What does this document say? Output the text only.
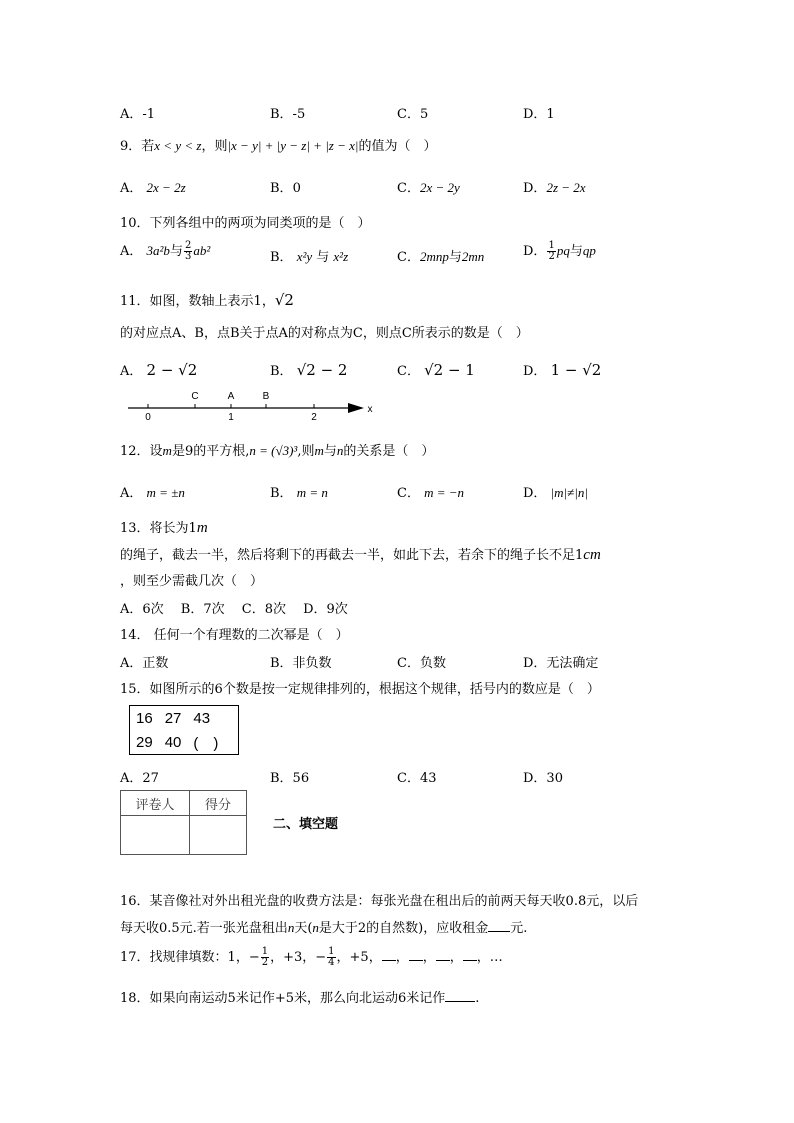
A．-1	B．-5	C．5	D．1
9．若x < y < z，则|x − y| + |y − z| + |z − x|的值为（　）
A． 2x − 2z	B．0	C．2x − 2y	D．2z − 2x
10．下列各组中的两项为同类项的是（　）
A． 3a²b与 $\frac{2}{3} ab^2$	B． x²y 与 x²z	C．2mnp与2mn	D． $\frac{1}{2}$ pq与qp
11．如图，数轴上表示1，√2
的对应点A、B，点B关于点A的对称点为C，则点C所表示的数是（　）
A． 2 − √2	B． √2 − 2	C． √2 − 1	D． 1 − √2
C	A	B
0	1	2
x
12．设m是9的平方根,n = (√3)³,则m与n的关系是（　）
A． m = ±n	B． m = n	C． m = −n	D． |m|≠|n|
13．将长为1m
的绳子，截去一半，然后将剩下的再截去一半，如此下去，若余下的绳子长不足1cm
，则至少需截几次（　）
A．6次　 B．7次　 C．8次　 D．9次
14． 任何一个有理数的二次幂是（　）
A．正数	B．非负数	C．负数	D．无法确定
15．如图所示的6个数是按一定规律排列的，根据这个规律，括号内的数应是（　）
16	27	43
29	40	(　)
A．27	B．56	C．43	D．30
评卷人	得分

二、填空题
16．某音像社对外出租光盘的收费方法是：每张光盘在租出后的前两天每天收0.8元，以后
每天收0.5元.若一张光盘租出n天(n是大于2的自然数)，应收租金 元.
17．找规律填数：1，− $\frac{1}{2}$ ，+3，− $\frac{1}{4}$ ，+5， ， ， ， ，…
18．如果向南运动5米记作+5米，那么向北运动6米记作 .
